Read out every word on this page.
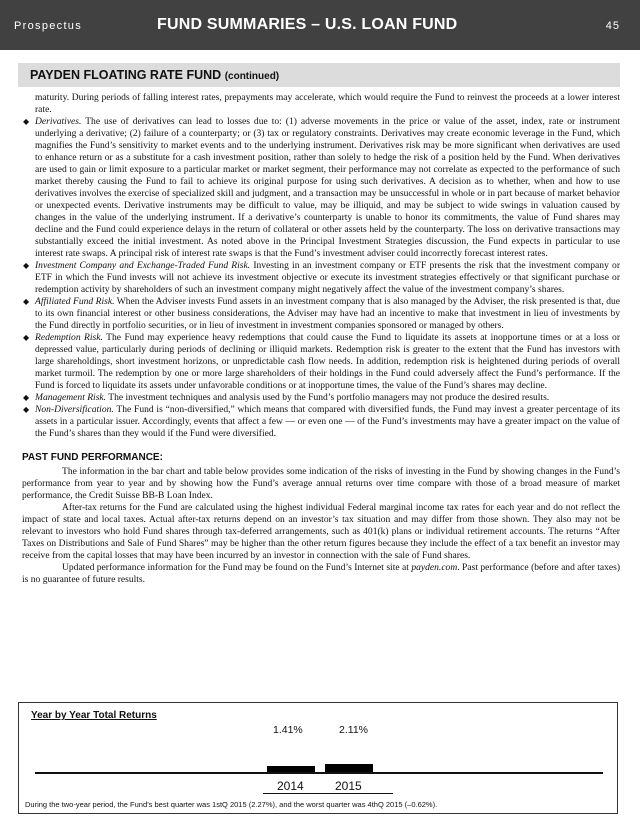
Prospectus	FUND SUMMARIES – U.S. LOAN FUND	45
PAYDEN FLOATING RATE FUND (continued)

maturity. During periods of falling interest rates, prepayments may accelerate, which would require the Fund to reinvest the proceeds at a lower interest rate.

◆ Derivatives. The use of derivatives can lead to losses due to: (1) adverse movements in the price or value of the asset, index, rate or instrument underlying a derivative; (2) failure of a counterparty; or (3) tax or regulatory constraints. Derivatives may create economic leverage in the Fund, which magnifies the Fund’s sensitivity to market events and to the underlying instrument. Derivatives risk may be more significant when derivatives are used to enhance return or as a substitute for a cash investment position, rather than solely to hedge the risk of a position held by the Fund. When derivatives are used to gain or limit exposure to a particular market or market segment, their performance may not correlate as expected to the performance of such market thereby causing the Fund to fail to achieve its original purpose for using such derivatives. A decision as to whether, when and how to use derivatives involves the exercise of specialized skill and judgment, and a transaction may be unsuccessful in whole or in part because of market behavior or unexpected events. Derivative instruments may be difficult to value, may be illiquid, and may be subject to wide swings in valuation caused by changes in the value of the underlying instrument. If a derivative’s counterparty is unable to honor its commitments, the value of Fund shares may decline and the Fund could experience delays in the return of collateral or other assets held by the counterparty. The loss on derivative transactions may substantially exceed the initial investment. As noted above in the Principal Investment Strategies discussion, the Fund expects in particular to use interest rate swaps. A principal risk of interest rate swaps is that the Fund’s investment adviser could incorrectly forecast interest rates.
◆ Investment Company and Exchange-Traded Fund Risk. Investing in an investment company or ETF presents the risk that the investment company or ETF in which the Fund invests will not achieve its investment objective or execute its investment strategies effectively or that significant purchase or redemption activity by shareholders of such an investment company might negatively affect the value of the investment company’s shares.
◆ Affiliated Fund Risk. When the Adviser invests Fund assets in an investment company that is also managed by the Adviser, the risk presented is that, due to its own financial interest or other business considerations, the Adviser may have had an incentive to make that investment in lieu of investments by the Fund directly in portfolio securities, or in lieu of investment in investment companies sponsored or managed by others.
◆ Redemption Risk. The Fund may experience heavy redemptions that could cause the Fund to liquidate its assets at inopportune times or at a loss or depressed value, particularly during periods of declining or illiquid markets. Redemption risk is greater to the extent that the Fund has investors with large shareholdings, short investment horizons, or unpredictable cash flow needs. In addition, redemption risk is heightened during periods of overall market turmoil. The redemption by one or more large shareholders of their holdings in the Fund could adversely affect the Fund’s performance. If the Fund is forced to liquidate its assets under unfavorable conditions or at inopportune times, the value of the Fund’s shares may decline.
◆ Management Risk. The investment techniques and analysis used by the Fund’s portfolio managers may not produce the desired results.
◆ Non-Diversification. The Fund is “non-diversified,” which means that compared with diversified funds, the Fund may invest a greater percentage of its assets in a particular issuer. Accordingly, events that affect a few — or even one — of the Fund’s investments may have a greater impact on the value of the Fund’s shares than they would if the Fund were diversified.

PAST FUND PERFORMANCE:

The information in the bar chart and table below provides some indication of the risks of investing in the Fund by showing changes in the Fund’s performance from year to year and by showing how the Fund’s average annual returns over time compare with those of a broad measure of market performance, the Credit Suisse BB-B Loan Index.

After-tax returns for the Fund are calculated using the highest individual Federal marginal income tax rates for each year and do not reflect the impact of state and local taxes. Actual after-tax returns depend on an investor’s tax situation and may differ from those shown. They also may not be relevant to investors who hold Fund shares through tax-deferred arrangements, such as 401(k) plans or individual retirement accounts. The returns “After Taxes on Distributions and Sale of Fund Shares” may be higher than the other return figures because they include the effect of a tax benefit an investor may receive from the capital losses that may have been incurred by an investor in connection with the sale of Fund shares.

Updated performance information for the Fund may be found on the Fund’s Internet site at payden.com. Past performance (before and after taxes) is no guarantee of future results.

Year by Year Total Returns
During the two-year period, the Fund’s best quarter was 1stQ 2015 (2.27%), and the worst quarter was 4thQ 2015 (–0.62%).
1.41%
2014
2.11%
2015
